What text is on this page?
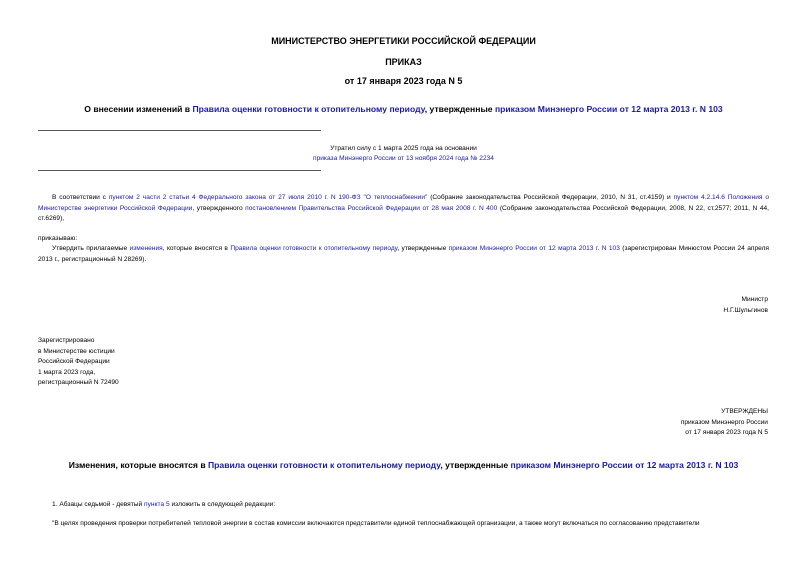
МИНИСТЕРСТВО ЭНЕРГЕТИКИ РОССИЙСКОЙ ФЕДЕРАЦИИ
ПРИКАЗ
от 17 января 2023 года N 5
О внесении изменений в Правила оценки готовности к отопительному периоду, утвержденные приказом Минэнерго России от 12 марта 2013 г. N 103
Утратил силу с 1 марта 2025 года на основании
приказа Минэнерго России от 13 ноября 2024 года № 2234
В соответствии с пунктом 2 части 2 статьи 4 Федерального закона от 27 июля 2010 г. N 190-ФЗ "О теплоснабжении" (Собрание законодательства Российской Федерации, 2010, N 31, ст.4159) и пунктом 4.2.14.6 Положения о Министерстве энергетики Российской Федерации, утвержденного постановлением Правительства Российской Федерации от 28 мая 2008 г. N 400 (Собрание законодательства Российской Федерации, 2008, N 22, ст.2577; 2011, N 44, ст.6269),
приказываю:
Утвердить прилагаемые изменения, которые вносятся в Правила оценки готовности к отопительному периоду, утвержденные приказом Минэнерго России от 12 марта 2013 г. N 103 (зарегистрирован Минюстом России 24 апреля 2013 г., регистрационный N 28269).
Министр
Н.Г.Шульгинов
Зарегистрировано
в Министерстве юстиции
Российской Федерации
1 марта 2023 года,
регистрационный N 72490
УТВЕРЖДЕНЫ
приказом Минэнерго России
от 17 января 2023 года N 5
Изменения, которые вносятся в Правила оценки готовности к отопительному периоду, утвержденные приказом Минэнерго России от 12 марта 2013 г. N 103
1. Абзацы седьмой - девятый пункта 5 изложить в следующей редакции:
"В целях проведения проверки потребителей тепловой энергии в состав комиссии включаются представители единой теплоснабжающей организации, а также могут включаться по согласованию представители
